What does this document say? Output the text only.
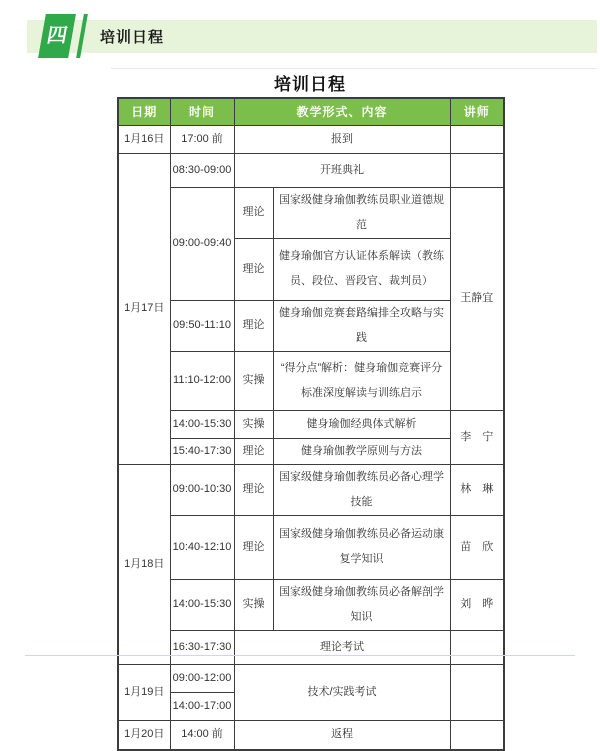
四 培训日程
培训日程
日期	时间	教学形式、内容		讲师
1月16日	17:00 前	报到		
1月17日	08:30-09:00	开班典礼		
	09:00-09:40	理论	国家级健身瑜伽教练员职业道德规范	王静宜
		理论	健身瑜伽官方认证体系解读（教练员、段位、晋段官、裁判员）	
	09:50-11:10	理论	健身瑜伽竞赛套路编排全攻略与实践	
	11:10-12:00	实操	“得分点”解析：健身瑜伽竞赛评分标准深度解读与训练启示	
	14:00-15:30	实操	健身瑜伽经典体式解析	李　宁
	15:40-17:30	理论	健身瑜伽教学原则与方法	
1月18日	09:00-10:30	理论	国家级健身瑜伽教练员必备心理学技能	林　琳
	10:40-12:10	理论	国家级健身瑜伽教练员必备运动康复学知识	苗　欣
	14:00-15:30	实操	国家级健身瑜伽教练员必备解剖学知识	刘　晔
	16:30-17:30	理论考试		
1月19日	09:00-12:00	技术/实践考试		
	14:00-17:00			
1月20日	14:00 前	返程		
